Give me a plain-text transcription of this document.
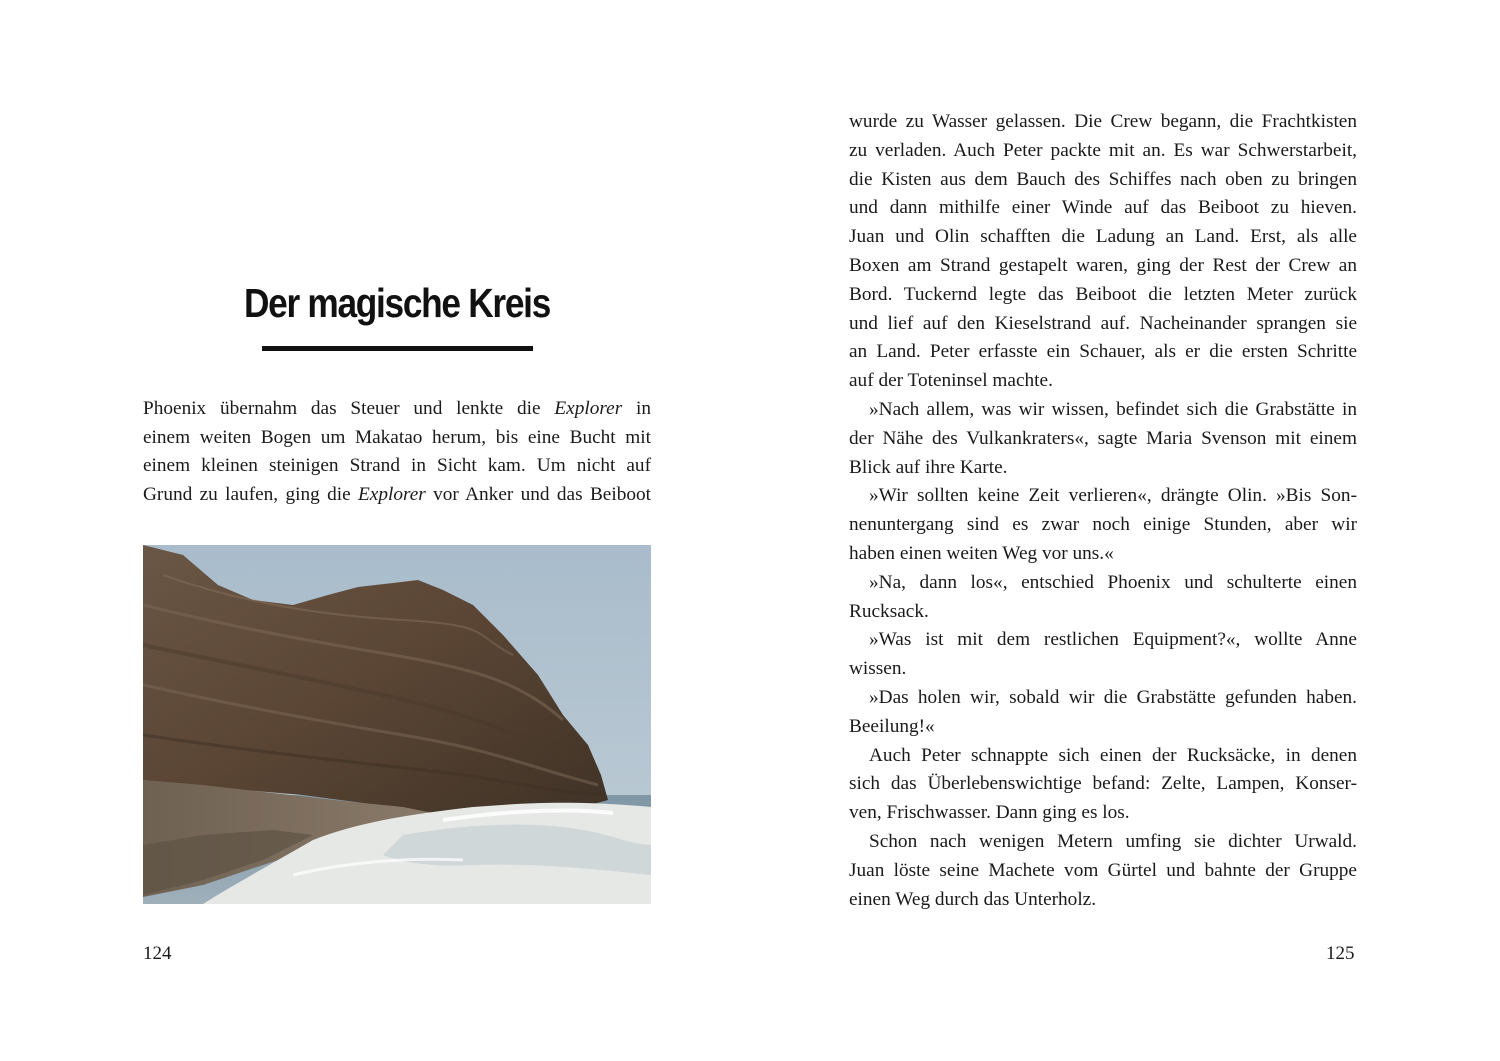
Der magische Kreis
Phoenix übernahm das Steuer und lenkte die Explorer in
einem weiten Bogen um Makatao herum, bis eine Bucht mit
einem kleinen steinigen Strand in Sicht kam. Um nicht auf
Grund zu laufen, ging die Explorer vor Anker und das Beiboot
124
wurde zu Wasser gelassen. Die Crew begann, die Frachtkisten
zu verladen. Auch Peter packte mit an. Es war Schwerstarbeit,
die Kisten aus dem Bauch des Schiffes nach oben zu bringen
und dann mithilfe einer Winde auf das Beiboot zu hieven.
Juan und Olin schafften die Ladung an Land. Erst, als alle
Boxen am Strand gestapelt waren, ging der Rest der Crew an
Bord. Tuckernd legte das Beiboot die letzten Meter zurück
und lief auf den Kieselstrand auf. Nacheinander sprangen sie
an Land. Peter erfasste ein Schauer, als er die ersten Schritte
auf der Toteninsel machte.
»Nach allem, was wir wissen, befindet sich die Grabstätte in
der Nähe des Vulkankraters«, sagte Maria Svenson mit einem
Blick auf ihre Karte.
»Wir sollten keine Zeit verlieren«, drängte Olin. »Bis Son-
nenuntergang sind es zwar noch einige Stunden, aber wir
haben einen weiten Weg vor uns.«
»Na, dann los«, entschied Phoenix und schulterte einen
Rucksack.
»Was ist mit dem restlichen Equipment?«, wollte Anne
wissen.
»Das holen wir, sobald wir die Grabstätte gefunden haben.
Beeilung!«
Auch Peter schnappte sich einen der Rucksäcke, in denen
sich das Überlebenswichtige befand: Zelte, Lampen, Konser-
ven, Frischwasser. Dann ging es los.
Schon nach wenigen Metern umfing sie dichter Urwald.
Juan löste seine Machete vom Gürtel und bahnte der Gruppe
einen Weg durch das Unterholz.
125
